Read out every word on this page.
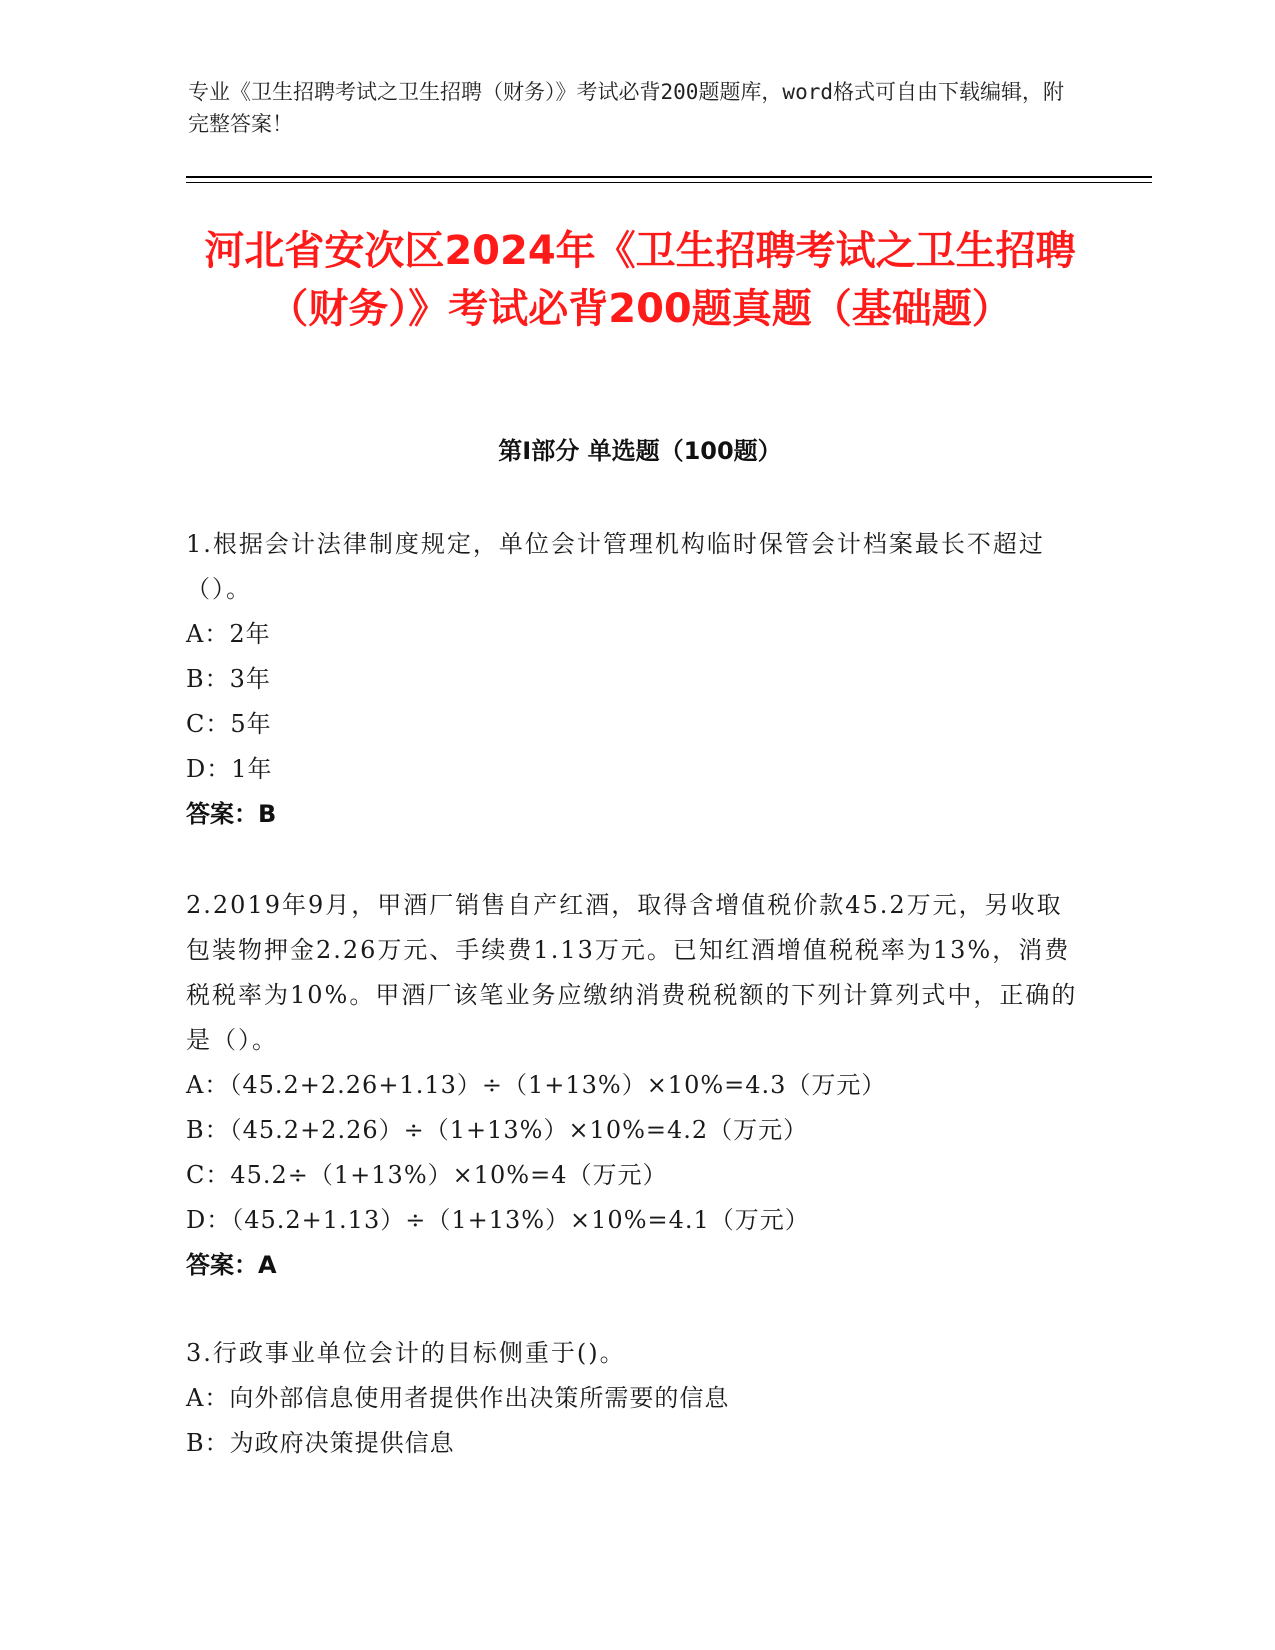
专业《卫生招聘考试之卫生招聘（财务）》考试必背200题题库，word格式可自由下载编辑，附完整答案！
河北省安次区2024年《卫生招聘考试之卫生招聘（财务）》考试必背200题真题（基础题）
第I部分 单选题（100题）
1.根据会计法律制度规定，单位会计管理机构临时保管会计档案最长不超过（）。
A：2年
B：3年
C：5年
D：1年
答案：B
2.2019年9月，甲酒厂销售自产红酒，取得含增值税价款45.2万元，另收取包装物押金2.26万元、手续费1.13万元。已知红酒增值税税率为13%，消费税税率为10%。甲酒厂该笔业务应缴纳消费税税额的下列计算列式中，正确的是（）。
A：（45.2+2.26+1.13）÷（1+13%）×10%=4.3（万元）
B：（45.2+2.26）÷（1+13%）×10%=4.2（万元）
C：45.2÷（1+13%）×10%=4（万元）
D：（45.2+1.13）÷（1+13%）×10%=4.1（万元）
答案：A
3.行政事业单位会计的目标侧重于()。
A：向外部信息使用者提供作出决策所需要的信息
B：为政府决策提供信息
